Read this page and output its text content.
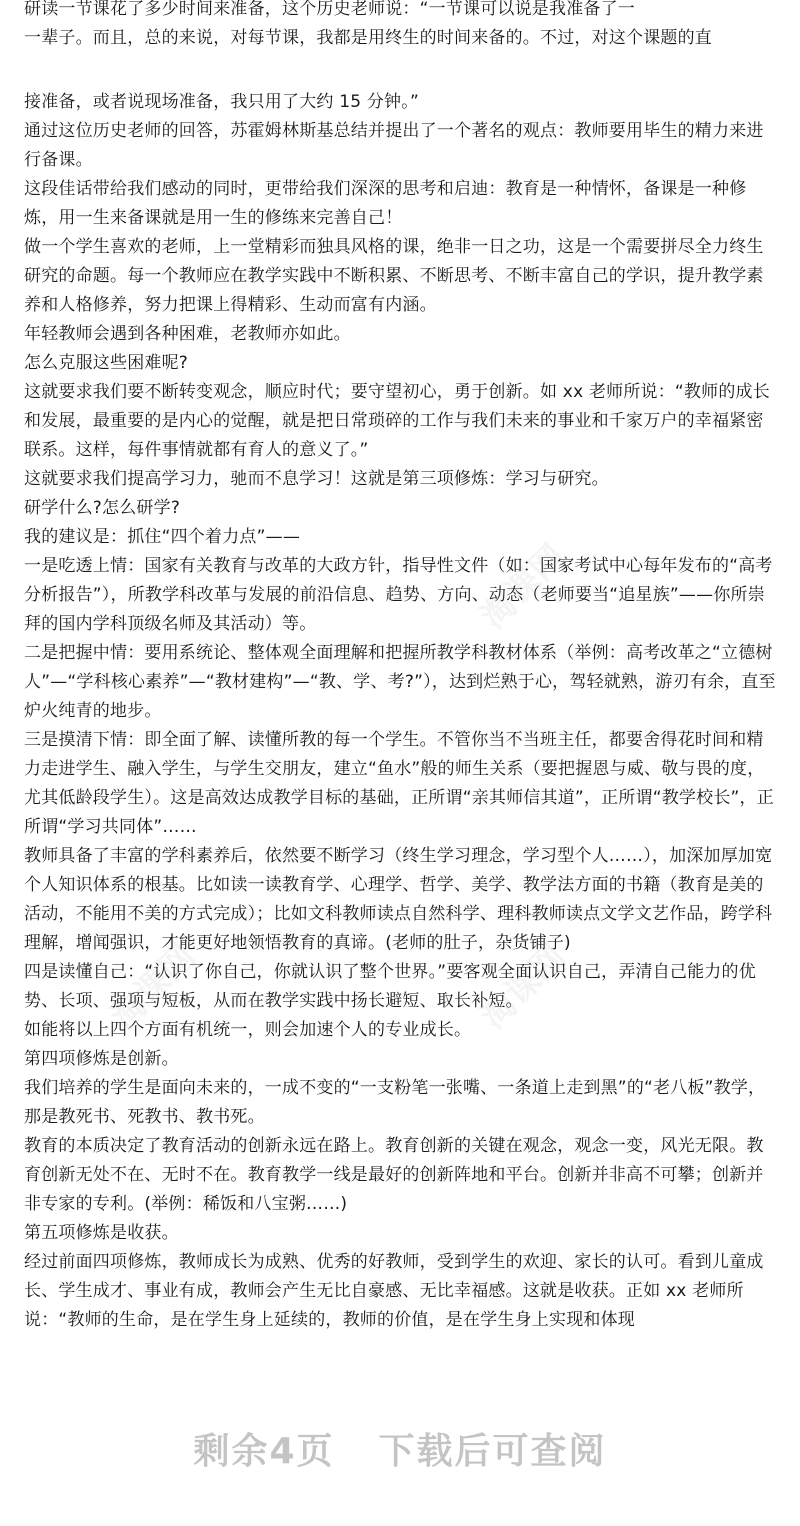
淘课网
淘课网	淘课网

研读一节课花了多少时间来准备，这个历史老师说：“一节课可以说是我准备了一

一辈子。而且，总的来说，对每节课，我都是用终生的时间来备的。不过，对这个课题的直

接准备，或者说现场准备，我只用了大约 15 分钟。”

通过这位历史老师的回答，苏霍姆林斯基总结并提出了一个著名的观点：教师要用毕生的精力来进行备课。

这段佳话带给我们感动的同时，更带给我们深深的思考和启迪：教育是一种情怀，备课是一种修炼，用一生来备课就是用一生的修练来完善自己！

做一个学生喜欢的老师，上一堂精彩而独具风格的课，绝非一日之功，这是一个需要拼尽全力终生研究的命题。每一个教师应在教学实践中不断积累、不断思考、不断丰富自己的学识，提升教学素养和人格修养，努力把课上得精彩、生动而富有内涵。

年轻教师会遇到各种困难，老教师亦如此。

怎么克服这些困难呢?

这就要求我们要不断转变观念，顺应时代；要守望初心，勇于创新。如 xx 老师所说：“教师的成长和发展，最重要的是内心的觉醒，就是把日常琐碎的工作与我们未来的事业和千家万户的幸福紧密联系。这样，每件事情就都有育人的意义了。”

这就要求我们提高学习力，驰而不息学习！这就是第三项修炼：学习与研究。

研学什么?怎么研学?

我的建议是：抓住“四个着力点”——

一是吃透上情：国家有关教育与改革的大政方针，指导性文件（如：国家考试中心每年发布的“高考分析报告”），所教学科改革与发展的前沿信息、趋势、方向、动态（老师要当“追星族”——你所崇拜的国内学科顶级名师及其活动）等。

二是把握中情：要用系统论、整体观全面理解和把握所教学科教材体系（举例：高考改革之“立德树人”—“学科核心素养”—“教材建构”—“教、学、考?”），达到烂熟于心，驾轻就熟，游刃有余，直至炉火纯青的地步。

三是摸清下情：即全面了解、读懂所教的每一个学生。不管你当不当班主任，都要舍得花时间和精力走进学生、融入学生，与学生交朋友，建立“鱼水”般的师生关系（要把握恩与威、敬与畏的度，尤其低龄段学生）。这是高效达成教学目标的基础，正所谓“亲其师信其道”，正所谓“教学校长”，正所谓“学习共同体”……

教师具备了丰富的学科素养后，依然要不断学习（终生学习理念，学习型个人……），加深加厚加宽个人知识体系的根基。比如读一读教育学、心理学、哲学、美学、教学法方面的书籍（教育是美的活动，不能用不美的方式完成）；比如文科教师读点自然科学、理科教师读点文学文艺作品，跨学科理解，增闻强识，才能更好地领悟教育的真谛。(老师的肚子，杂货铺子)

四是读懂自己：“认识了你自己，你就认识了整个世界。”要客观全面认识自己，弄清自己能力的优势、长项、强项与短板，从而在教学实践中扬长避短、取长补短。

如能将以上四个方面有机统一，则会加速个人的专业成长。

第四项修炼是创新。

我们培养的学生是面向未来的，一成不变的“一支粉笔一张嘴、一条道上走到黑”的“老八板”教学，那是教死书、死教书、教书死。

教育的本质决定了教育活动的创新永远在路上。教育创新的关键在观念，观念一变，风光无限。教育创新无处不在、无时不在。教育教学一线是最好的创新阵地和平台。创新并非高不可攀；创新并非专家的专利。(举例：稀饭和八宝粥……)

第五项修炼是收获。

经过前面四项修炼，教师成长为成熟、优秀的好教师，受到学生的欢迎、家长的认可。看到儿童成长、学生成才、事业有成，教师会产生无比自豪感、无比幸福感。这就是收获。正如 xx 老师所说：“教师的生命，是在学生身上延续的，教师的价值，是在学生身上实现和体现

剩余4页 下载后可查阅
